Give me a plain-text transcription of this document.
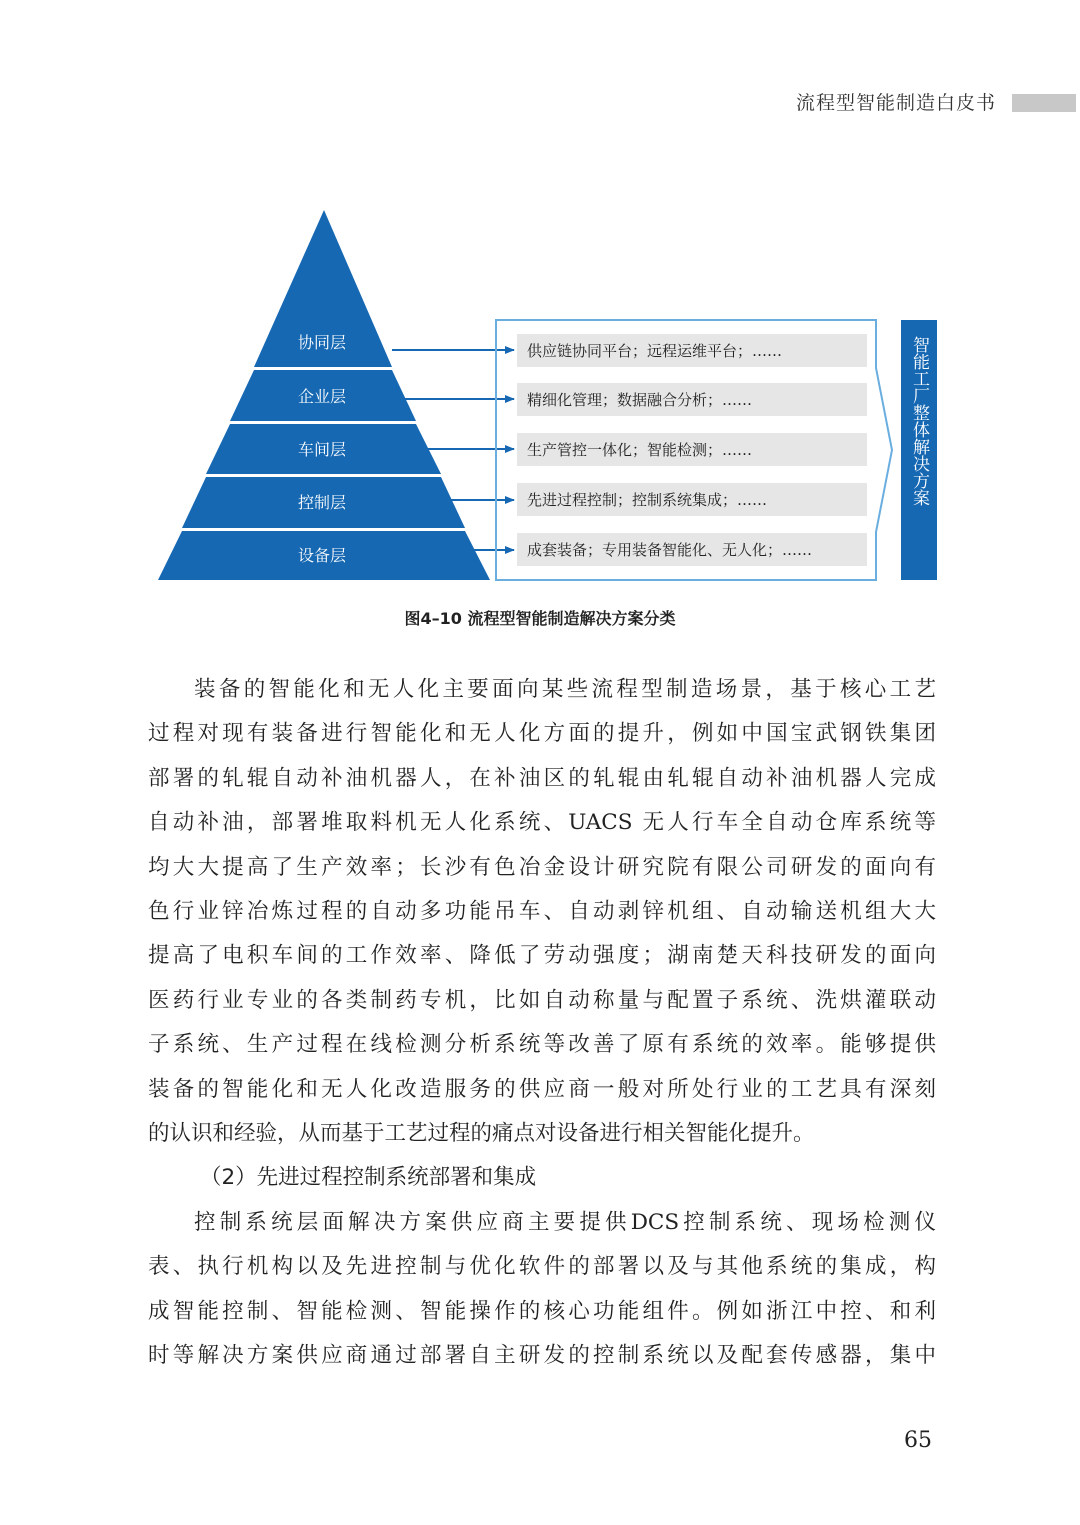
流程型智能制造白皮书
协同层
企业层
车间层
控制层
设备层
供应链协同平台；远程运维平台；……
精细化管理；数据融合分析；……
生产管控一体化；智能检测；……
先进过程控制；控制系统集成；……
成套装备；专用装备智能化、无人化；……
智能工厂整体解决方案
图4–10 流程型智能制造解决方案分类
装备的智能化和无人化主要面向某些流程型制造场景，基于核心工艺
过程对现有装备进行智能化和无人化方面的提升，例如中国宝武钢铁集团
部署的轧辊自动补油机器人，在补油区的轧辊由轧辊自动补油机器人完成
自动补油，部署堆取料机无人化系统、UACS 无人行车全自动仓库系统等
均大大提高了生产效率；长沙有色冶金设计研究院有限公司研发的面向有
色行业锌冶炼过程的自动多功能吊车、自动剥锌机组、自动输送机组大大
提高了电积车间的工作效率、降低了劳动强度；湖南楚天科技研发的面向
医药行业专业的各类制药专机，比如自动称量与配置子系统、洗烘灌联动
子系统、生产过程在线检测分析系统等改善了原有系统的效率。能够提供
装备的智能化和无人化改造服务的供应商一般对所处行业的工艺具有深刻
的认识和经验，从而基于工艺过程的痛点对设备进行相关智能化提升。
（2）先进过程控制系统部署和集成
控制系统层面解决方案供应商主要提供DCS控制系统、现场检测仪
表、执行机构以及先进控制与优化软件的部署以及与其他系统的集成，构
成智能控制、智能检测、智能操作的核心功能组件。例如浙江中控、和利
时等解决方案供应商通过部署自主研发的控制系统以及配套传感器，集中
65
